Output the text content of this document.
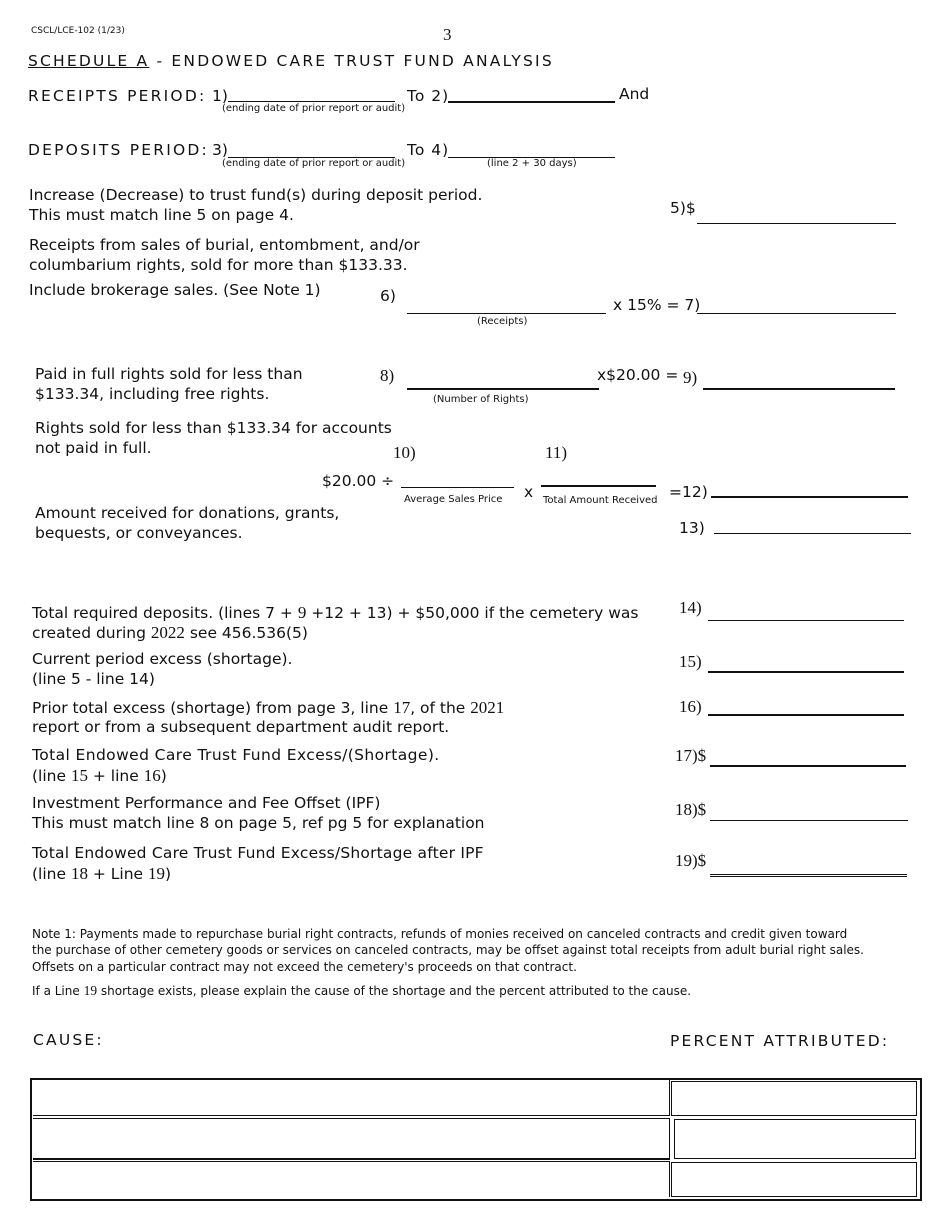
CSCL/LCE-102 (1/23)	3
SCHEDULE A - ENDOWED CARE TRUST FUND ANALYSIS
RECEIPTS PERIOD: 1)
(ending date of prior report or audit)
To 2)	And
DEPOSITS PERIOD: 3)
(ending date of prior report or audit)
To 4)
(line 2 + 30 days)
Increase (Decrease) to trust fund(s) during deposit period.
This must match line 5 on page 4.	5)$
Receipts from sales of burial, entombment, and/or
columbarium rights, sold for more than $133.33.
Include brokerage sales. (See Note 1)	6)
(Receipts)
x 15% = 7)
Paid in full rights sold for less than
$133.34, including free rights.
8)
(Number of Rights)
x$20.00 = 9)
Rights sold for less than $133.34 for accounts
not paid in full.	10)	11)
$20.00 ÷
Average Sales Price x Total Amount Received =12)
Amount received for donations, grants,
bequests, or conveyances.	13)
Total required deposits. (lines 7 + 9 +12 + 13) + $50,000 if the cemetery was
created during 2022 see 456.536(5)
14)
Current period excess (shortage).
(line 5 - line 14)
15)
Prior total excess (shortage) from page 3, line 17, of the 2021
report or from a subsequent department audit report.
16)
Total Endowed Care Trust Fund Excess/(Shortage).
(line 15 + line 16)
17)$
Investment Performance and Fee Offset (IPF)
This must match line 8 on page 5, ref pg 5 for explanation
18)$
Total Endowed Care Trust Fund Excess/Shortage after IPF
(line 18 + Line 19)
19)$
Note 1: Payments made to repurchase burial right contracts, refunds of monies received on canceled contracts and credit given toward
the purchase of other cemetery goods or services on canceled contracts, may be offset against total receipts from adult burial right sales.
Offsets on a particular contract may not exceed the cemetery's proceeds on that contract.
If a Line 19 shortage exists, please explain the cause of the shortage and the percent attributed to the cause.
CAUSE:	PERCENT ATTRIBUTED:
